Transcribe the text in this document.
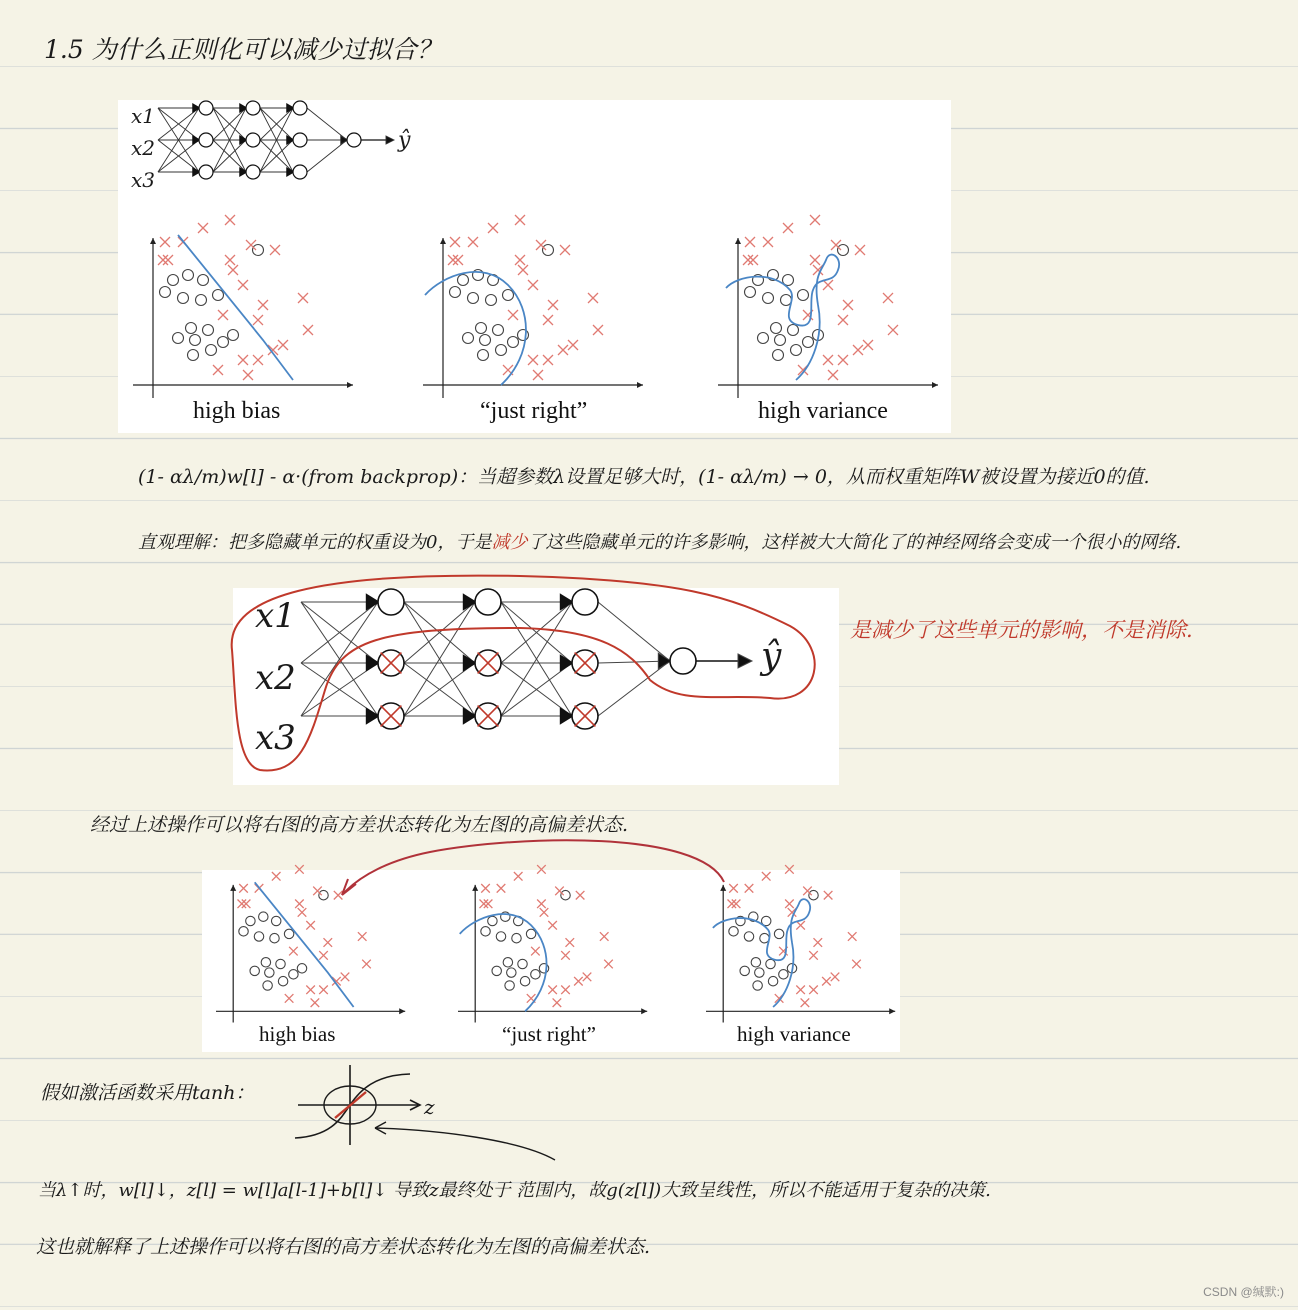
1.5 为什么正则化可以减少过拟合？
x1
x2
x3
ŷ
high bias	“just right”	high variance
(1- αλ/m)w[l] - α·(from backprop)：当超参数λ设置足够大时，(1- αλ/m) → 0，从而权重矩阵W被设置为接近0的值.
直观理解：把多隐藏单元的权重设为0，于是减少了这些隐藏单元的许多影响，这样被大大简化了的神经网络会变成一个很小的网络.
x1
x2
x3
ŷ
是减少了这些单元的影响，不是消除.
经过上述操作可以将右图的高方差状态转化为左图的高偏差状态.
high bias	“just right”	high variance
假如激活函数采用tanh：
z
当λ↑时，w[l]↓，z[l] = w[l]a[l-1]+b[l]↓ 导致z最终处于 范围内，故g(z[l])大致呈线性，所以不能适用于复杂的决策.
这也就解释了上述操作可以将右图的高方差状态转化为左图的高偏差状态.
CSDN @缄默:)
